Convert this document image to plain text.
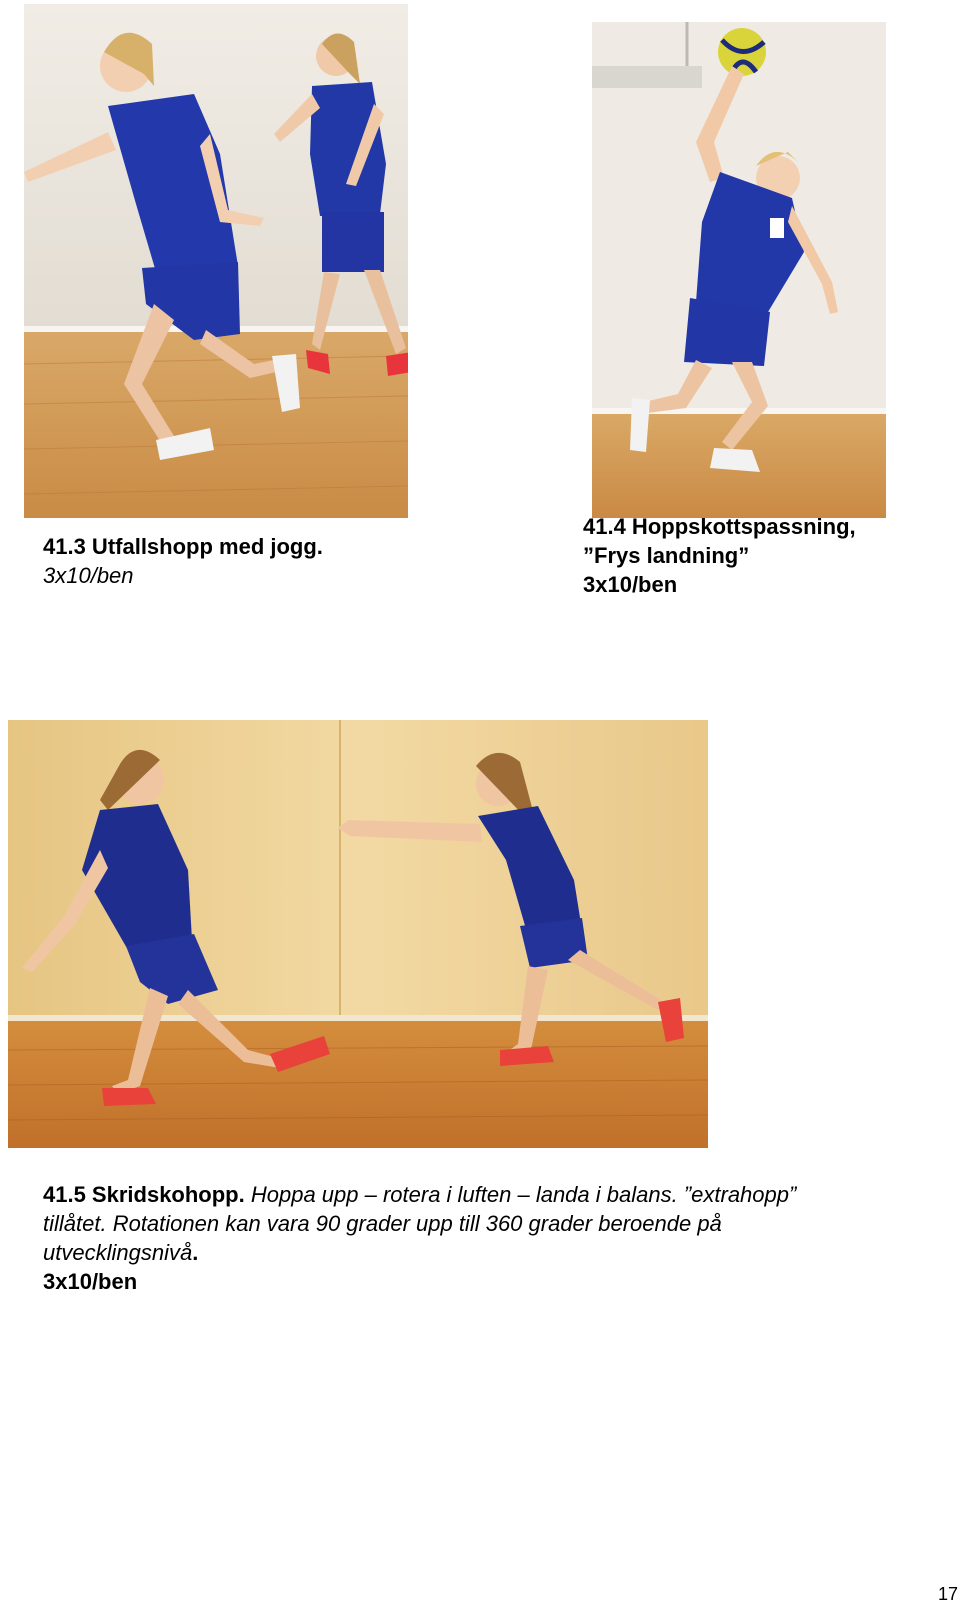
41.3 Utfallshopp med jogg.
3x10/ben
41.4 Hoppskottspassning,
”Frys landning”
3x10/ben
41.5 Skridskohopp. Hoppa upp – rotera i luften – landa i balans. ”extrahopp”
tillåtet. Rotationen kan vara 90 grader upp till 360 grader beroende på
utvecklingsnivå.
3x10/ben
17
